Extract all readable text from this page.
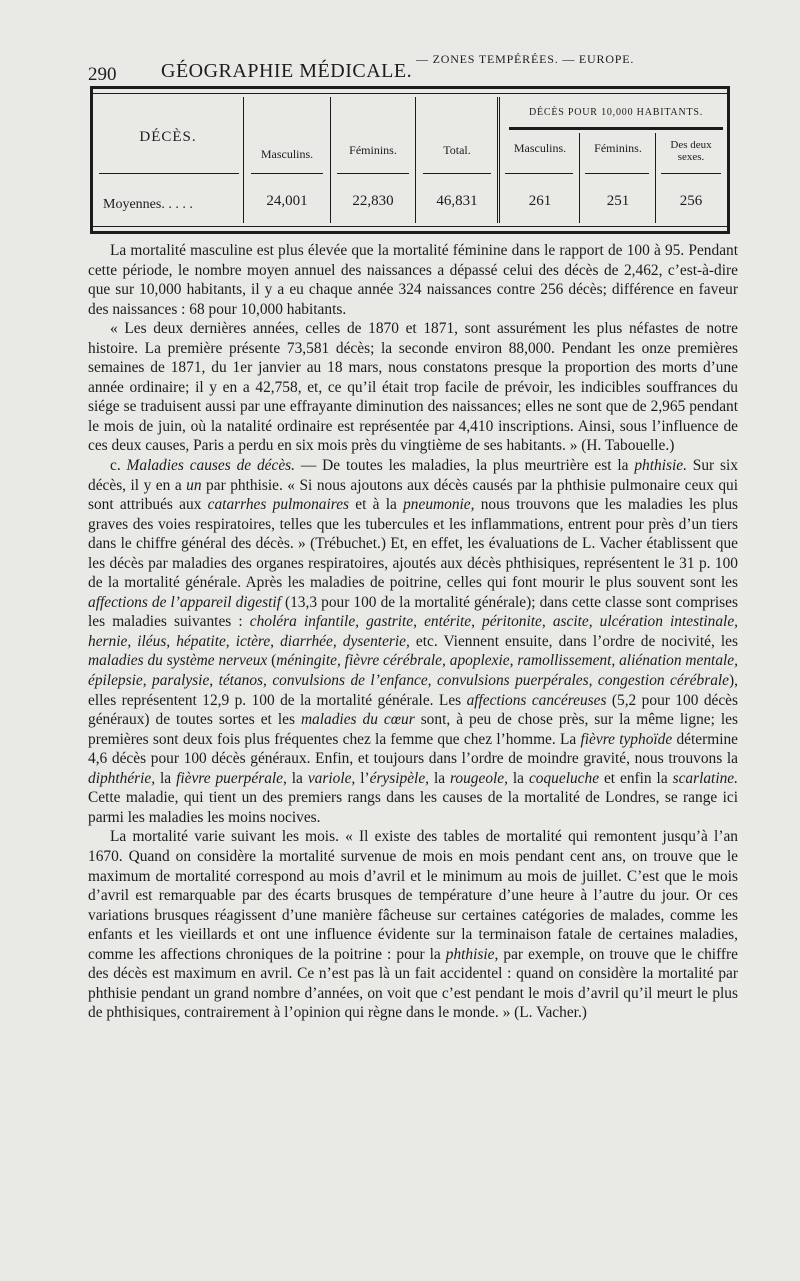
290 GÉOGRAPHIE MÉDICALE.
— ZONES TEMPÉRÉES. — EUROPE.
DÉCÈS.
DÉCÈS POUR 10,000 HABITANTS.
Masculins.	Féminins.	Total.	Masculins.	Féminins.	Des deux sexes.
Moyennes. . . . .	24,001	22,830	46,831	261	251	256

La mortalité masculine est plus élevée que la mortalité féminine dans le rapport de 100 à 95. Pendant cette période, le nombre moyen annuel des naissances a dépassé celui des décès de 2,462, c’est-à-dire que sur 10,000 habitants, il y a eu chaque année 324 naissances contre 256 décès; différence en faveur des naissances : 68 pour 10,000 habitants.

« Les deux dernières années, celles de 1870 et 1871, sont assurément les plus néfastes de notre histoire. La première présente 73,581 décès; la seconde environ 88,000. Pendant les onze premières semaines de 1871, du 1er janvier au 18 mars, nous constatons presque la proportion des morts d’une année ordinaire; il y en a 42,758, et, ce qu’il était trop facile de prévoir, les indicibles souffrances du siége se traduisent aussi par une effrayante diminution des naissances; elles ne sont que de 2,965 pendant le mois de juin, où la natalité ordinaire est représentée par 4,410 inscriptions. Ainsi, sous l’influence de ces deux causes, Paris a perdu en six mois près du vingtième de ses habitants. » (H. Tabouelle.)

c. Maladies causes de décès. — De toutes les maladies, la plus meurtrière est la phthisie. Sur six décès, il y en a un par phthisie. « Si nous ajoutons aux décès causés par la phthisie pulmonaire ceux qui sont attribués aux catarrhes pulmonaires et à la pneumonie, nous trouvons que les maladies les plus graves des voies respiratoires, telles que les tubercules et les inflammations, entrent pour près d’un tiers dans le chiffre général des décès. » (Trébuchet.) Et, en effet, les évaluations de L. Vacher établissent que les décès par maladies des organes respiratoires, ajoutés aux décès phthisiques, représentent le 31 p. 100 de la mortalité générale. Après les maladies de poitrine, celles qui font mourir le plus souvent sont les affections de l’appareil digestif (13,3 pour 100 de la mortalité générale); dans cette classe sont comprises les maladies suivantes : choléra infantile, gastrite, entérite, péritonite, ascite, ulcération intestinale, hernie, iléus, hépatite, ictère, diarrhée, dysenterie, etc. Viennent ensuite, dans l’ordre de nocivité, les maladies du système nerveux (méningite, fièvre cérébrale, apoplexie, ramollissement, aliénation mentale, épilepsie, paralysie, tétanos, convulsions de l’enfance, convulsions puerpérales, congestion cérébrale), elles représentent 12,9 p. 100 de la mortalité générale. Les affections cancéreuses (5,2 pour 100 décès généraux) de toutes sortes et les maladies du cœur sont, à peu de chose près, sur la même ligne; les premières sont deux fois plus fréquentes chez la femme que chez l’homme. La fièvre typhoïde détermine 4,6 décès pour 100 décès généraux. Enfin, et toujours dans l’ordre de moindre gravité, nous trouvons la diphthérie, la fièvre puerpérale, la variole, l’érysipèle, la rougeole, la coqueluche et enfin la scarlatine. Cette maladie, qui tient un des premiers rangs dans les causes de la mortalité de Londres, se range ici parmi les maladies les moins nocives.

La mortalité varie suivant les mois. « Il existe des tables de mortalité qui remontent jusqu’à l’an 1670. Quand on considère la mortalité survenue de mois en mois pendant cent ans, on trouve que le maximum de mortalité correspond au mois d’avril et le minimum au mois de juillet. C’est que le mois d’avril est remarquable par des écarts brusques de température d’une heure à l’autre du jour. Or ces variations brusques réagissent d’une manière fâcheuse sur certaines catégories de malades, comme les enfants et les vieillards et ont une influence évidente sur la terminaison fatale de certaines maladies, comme les affections chroniques de la poitrine : pour la phthisie, par exemple, on trouve que le chiffre des décès est maximum en avril. Ce n’est pas là un fait accidentel : quand on considère la mortalité par phthisie pendant un grand nombre d’années, on voit que c’est pendant le mois d’avril qu’il meurt le plus de phthisiques, contrairement à l’opinion qui règne dans le monde. » (L. Vacher.)
